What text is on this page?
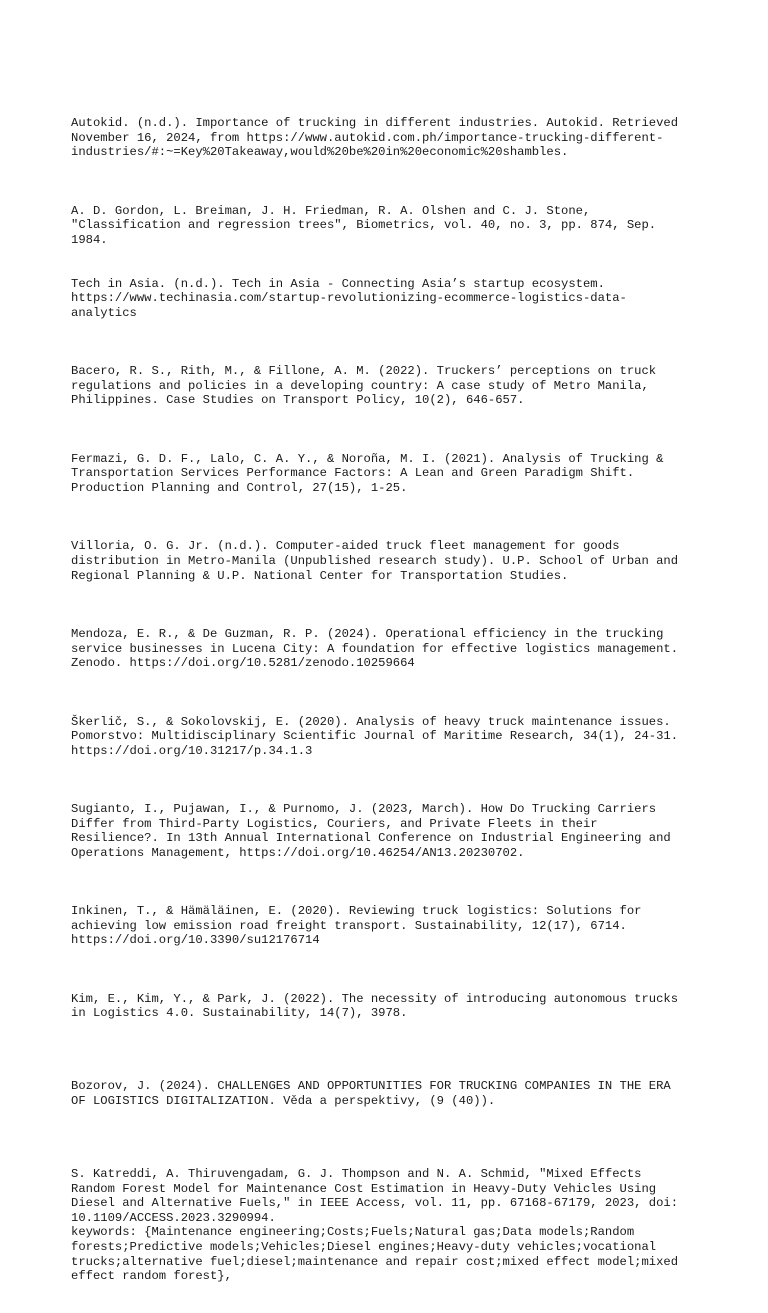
Autokid. (n.d.). Importance of trucking in different industries. Autokid. Retrieved
November 16, 2024, from https://www.autokid.com.ph/importance-trucking-different-
industries/#:~=Key%20Takeaway,would%20be%20in%20economic%20shambles.

A. D. Gordon, L. Breiman, J. H. Friedman, R. A. Olshen and C. J. Stone,
"Classification and regression trees", Biometrics, vol. 40, no. 3, pp. 874, Sep.
1984.

Tech in Asia. (n.d.). Tech in Asia - Connecting Asia’s startup ecosystem.
https://www.techinasia.com/startup-revolutionizing-ecommerce-logistics-data-
analytics

Bacero, R. S., Rith, M., & Fillone, A. M. (2022). Truckers’ perceptions on truck
regulations and policies in a developing country: A case study of Metro Manila,
Philippines. Case Studies on Transport Policy, 10(2), 646-657.

Fermazi, G. D. F., Lalo, C. A. Y., & Noroña, M. I. (2021). Analysis of Trucking &
Transportation Services Performance Factors: A Lean and Green Paradigm Shift.
Production Planning and Control, 27(15), 1-25.

Villoria, O. G. Jr. (n.d.). Computer-aided truck fleet management for goods
distribution in Metro-Manila (Unpublished research study). U.P. School of Urban and
Regional Planning & U.P. National Center for Transportation Studies.

Mendoza, E. R., & De Guzman, R. P. (2024). Operational efficiency in the trucking
service businesses in Lucena City: A foundation for effective logistics management.
Zenodo. https://doi.org/10.5281/zenodo.10259664

Škerlič, S., & Sokolovskij, E. (2020). Analysis of heavy truck maintenance issues.
Pomorstvo: Multidisciplinary Scientific Journal of Maritime Research, 34(1), 24-31.
https://doi.org/10.31217/p.34.1.3

Sugianto, I., Pujawan, I., & Purnomo, J. (2023, March). How Do Trucking Carriers
Differ from Third-Party Logistics, Couriers, and Private Fleets in their
Resilience?. In 13th Annual International Conference on Industrial Engineering and
Operations Management, https://doi.org/10.46254/AN13.20230702.

Inkinen, T., & Hämäläinen, E. (2020). Reviewing truck logistics: Solutions for
achieving low emission road freight transport. Sustainability, 12(17), 6714.
https://doi.org/10.3390/su12176714

Kim, E., Kim, Y., & Park, J. (2022). The necessity of introducing autonomous trucks
in Logistics 4.0. Sustainability, 14(7), 3978.

Bozorov, J. (2024). CHALLENGES AND OPPORTUNITIES FOR TRUCKING COMPANIES IN THE ERA
OF LOGISTICS DIGITALIZATION. Věda a perspektivy, (9 (40)).

S. Katreddi, A. Thiruvengadam, G. J. Thompson and N. A. Schmid, "Mixed Effects
Random Forest Model for Maintenance Cost Estimation in Heavy-Duty Vehicles Using
Diesel and Alternative Fuels," in IEEE Access, vol. 11, pp. 67168-67179, 2023, doi:
10.1109/ACCESS.2023.3290994.
keywords: {Maintenance engineering;Costs;Fuels;Natural gas;Data models;Random
forests;Predictive models;Vehicles;Diesel engines;Heavy-duty vehicles;vocational
trucks;alternative fuel;diesel;maintenance and repair cost;mixed effect model;mixed
effect random forest},
